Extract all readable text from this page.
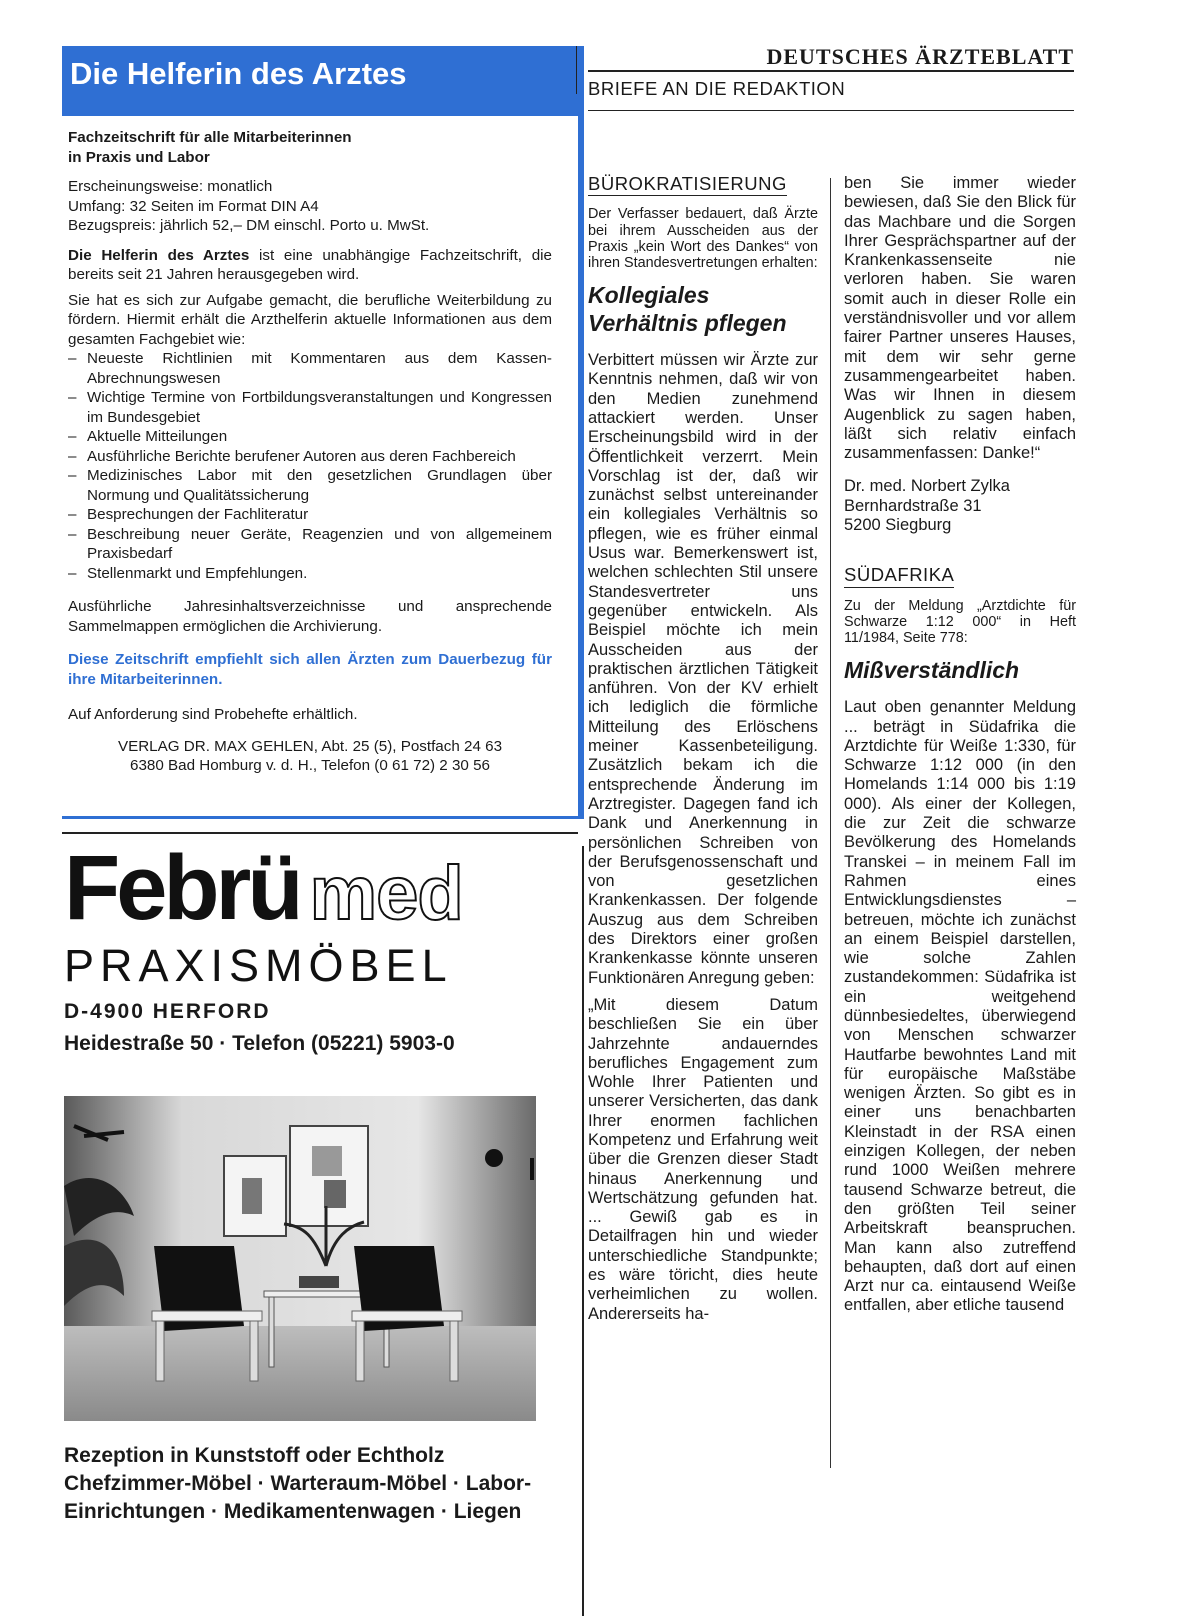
Die Helferin des Arztes

Fachzeitschrift für alle Mitarbeiterinnen
in Praxis und Labor

Erscheinungsweise: monatlich
Umfang: 32 Seiten im Format DIN A4
Bezugspreis: jährlich 52,– DM einschl. Porto u. MwSt.

Die Helferin des Arztes ist eine unabhängige Fachzeitschrift, die bereits seit 21 Jahren herausgegeben wird.

Sie hat es sich zur Aufgabe gemacht, die berufliche Weiterbildung zu fördern. Hiermit erhält die Arzthelferin aktuelle Informationen aus dem gesamten Fachgebiet wie:

– Neueste Richtlinien mit Kommentaren aus dem Kassen-Abrechnungswesen
– Wichtige Termine von Fortbildungsveranstaltungen und Kongressen im Bundesgebiet
– Aktuelle Mitteilungen
– Ausführliche Berichte berufener Autoren aus deren Fachbereich
– Medizinisches Labor mit den gesetzlichen Grundlagen über Normung und Qualitätssicherung
– Besprechungen der Fachliteratur
– Beschreibung neuer Geräte, Reagenzien und von allgemeinem Praxisbedarf
– Stellenmarkt und Empfehlungen.

Ausführliche Jahresinhaltsverzeichnisse und ansprechende Sammelmappen ermöglichen die Archivierung.

Diese Zeitschrift empfiehlt sich allen Ärzten zum Dauerbezug für ihre Mitarbeiterinnen.

Auf Anforderung sind Probehefte erhältlich.

VERLAG DR. MAX GEHLEN, Abt. 25 (5), Postfach 24 63
6380 Bad Homburg v. d. H., Telefon (0 61 72) 2 30 56

Febrü med
PRAXISMÖBEL
D-4900 HERFORD
Heidestraße 50 · Telefon (05221) 5903-0
Rezeption in Kunststoff oder Echtholz
Chefzimmer-Möbel · Warteraum-Möbel · Labor-
Einrichtungen · Medikamentenwagen · Liegen
DEUTSCHES ÄRZTEBLATT
BRIEFE AN DIE REDAKTION
BÜROKRATISIERUNG

Der Verfasser bedauert, daß Ärzte bei ihrem Ausscheiden aus der Praxis „kein Wort des Dankes“ von ihren Standesvertretungen erhalten:

Kollegiales
Verhältnis pflegen

Verbittert müssen wir Ärzte zur Kenntnis nehmen, daß wir von den Medien zunehmend attackiert werden. Unser Erscheinungsbild wird in der Öffentlichkeit verzerrt. Mein Vorschlag ist der, daß wir zunächst selbst untereinander ein kollegiales Verhältnis so pflegen, wie es früher einmal Usus war. Bemerkenswert ist, welchen schlechten Stil unsere Standesvertreter uns gegenüber entwickeln. Als Beispiel möchte ich mein Ausscheiden aus der praktischen ärztlichen Tätigkeit anführen. Von der KV erhielt ich lediglich die förmliche Mitteilung des Erlöschens meiner Kassenbeteiligung. Zusätzlich bekam ich die entsprechende Änderung im Arztregister. Dagegen fand ich Dank und Anerkennung in persönlichen Schreiben von der Berufsgenossenschaft und von gesetzlichen Krankenkassen. Der folgende Auszug aus dem Schreiben des Direktors einer großen Krankenkasse könnte unseren Funktionären Anregung geben:

„Mit diesem Datum beschließen Sie ein über Jahrzehnte andauerndes berufliches Engagement zum Wohle Ihrer Patienten und unserer Versicherten, das dank Ihrer enormen fachlichen Kompetenz und Erfahrung weit über die Grenzen dieser Stadt hinaus Anerkennung und Wertschätzung gefunden hat. ... Gewiß gab es in Detailfragen hin und wieder unterschiedliche Standpunkte; es wäre töricht, dies heute verheimlichen zu wollen. Andererseits ha-

ben Sie immer wieder bewiesen, daß Sie den Blick für das Machbare und die Sorgen Ihrer Gesprächspartner auf der Krankenkassenseite nie verloren haben. Sie waren somit auch in dieser Rolle ein verständnisvoller und vor allem fairer Partner unseres Hauses, mit dem wir sehr gerne zusammengearbeitet haben. Was wir Ihnen in diesem Augenblick zu sagen haben, läßt sich relativ einfach zusammenfassen: Danke!“

Dr. med. Norbert Zylka
Bernhardstraße 31
5200 Siegburg
SÜDAFRIKA

Zu der Meldung „Arztdichte für Schwarze 1:12 000“ in Heft 11/1984, Seite 778:

Mißverständlich

Laut oben genannter Meldung ... beträgt in Südafrika die Arztdichte für Weiße 1:330, für Schwarze 1:12 000 (in den Homelands 1:14 000 bis 1:19 000). Als einer der Kollegen, die zur Zeit die schwarze Bevölkerung des Homelands Transkei – in meinem Fall im Rahmen eines Entwicklungsdienstes – betreuen, möchte ich zunächst an einem Beispiel darstellen, wie solche Zahlen zustandekommen: Südafrika ist ein weitgehend dünnbesiedeltes, überwiegend von Menschen schwarzer Hautfarbe bewohntes Land mit für europäische Maßstäbe wenigen Ärzten. So gibt es in einer uns benachbarten Kleinstadt in der RSA einen einzigen Kollegen, der neben rund 1000 Weißen mehrere tausend Schwarze betreut, die den größten Teil seiner Arbeitskraft beanspruchen. Man kann also zutreffend behaupten, daß dort auf einen Arzt nur ca. eintausend Weiße entfallen, aber etliche tausend
